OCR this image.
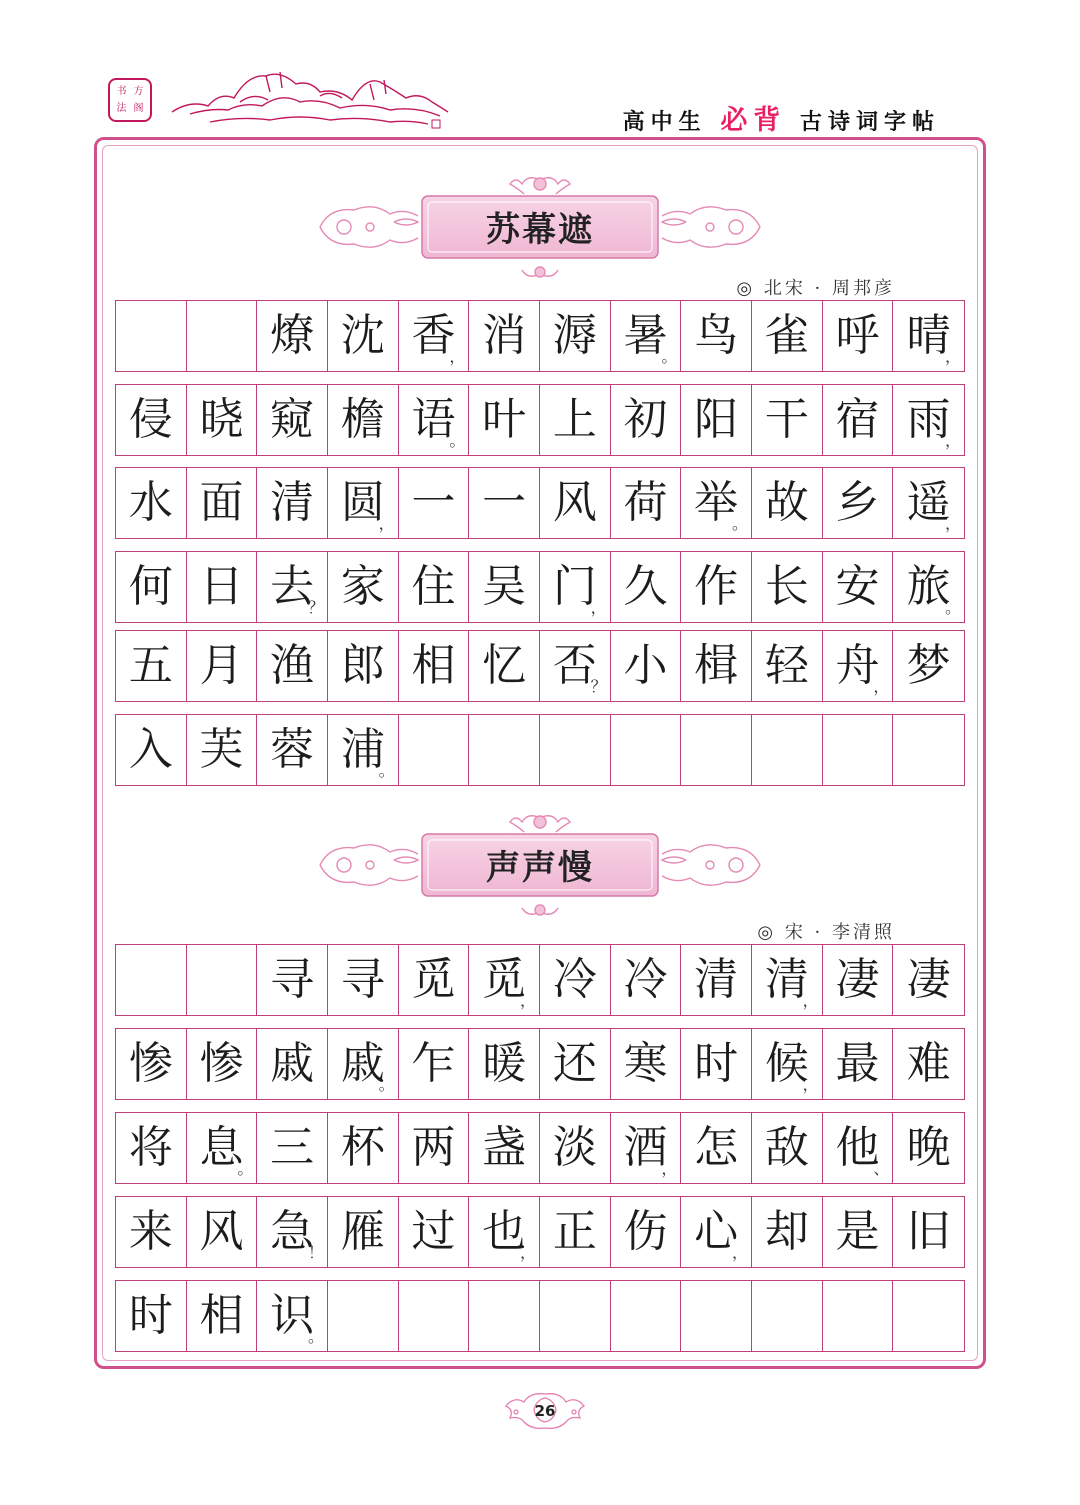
书 方
法 阁
高中生 必背 古诗词字帖
苏幕遮
◎ 北宋 · 周邦彦
燎 沈 香
， 消 溽 暑
。 鸟 雀 呼 晴
，
侵 晓 窥 檐 语
。 叶 上 初 阳 干 宿 雨
，
水 面 清 圆
， 一 一 风 荷 举
。 故 乡 遥
，
何 日 去
？ 家 住 吴 门
， 久 作 长 安 旅
。
五 月 渔 郎 相 忆 否
？ 小 楫 轻 舟
， 梦
入 芙 蓉 浦
。
声声慢
◎ 宋 · 李清照
寻 寻 觅 觅
， 冷 冷 清 清
， 凄 凄
惨 惨 戚 戚
。 乍 暖 还 寒 时 候
， 最 难
将 息
。 三 杯 两 盏 淡 酒
， 怎 敌 他
、 晚
来 风 急
！ 雁 过 也
， 正 伤 心
， 却 是 旧
时 相 识
。
26
